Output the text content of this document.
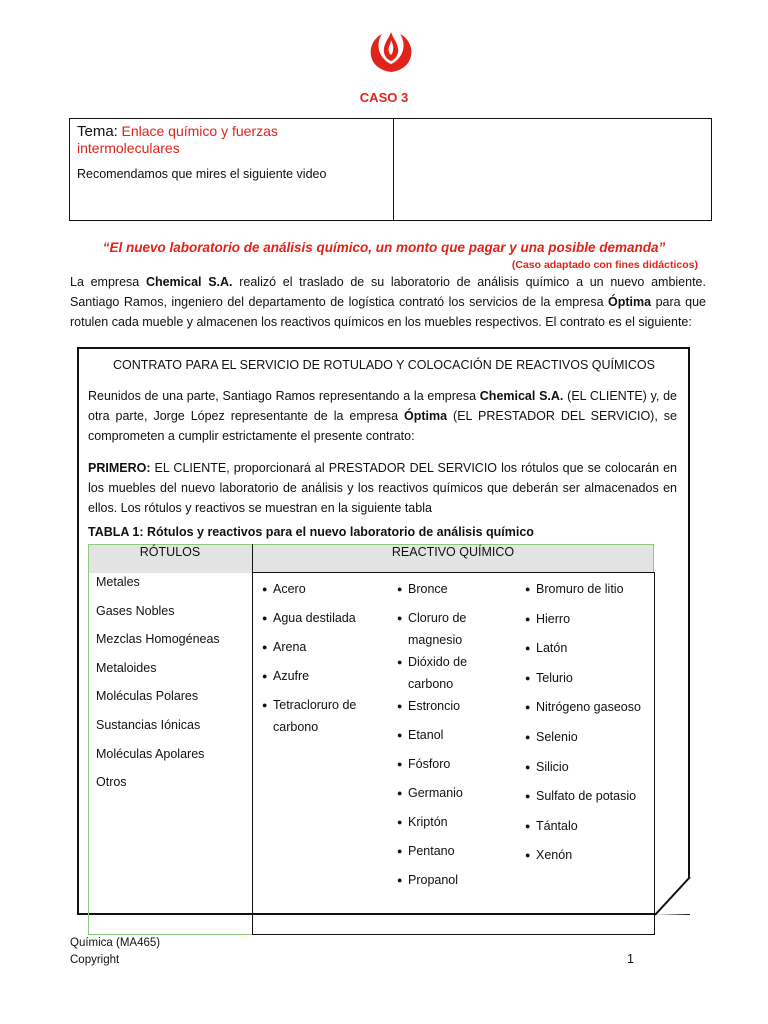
CASO 3
Tema: Enlace químico y fuerzas intermoleculares
Recomendamos que mires el siguiente video
“El nuevo laboratorio de análisis químico, un monto que pagar y una posible demanda”
(Caso adaptado con fines didácticos)
La empresa Chemical S.A. realizó el traslado de su laboratorio de análisis químico a un nuevo ambiente. Santiago Ramos, ingeniero del departamento de logística contrató los servicios de la empresa Óptima para que rotulen cada mueble y almacenen los reactivos químicos en los muebles respectivos. El contrato es el siguiente:
CONTRATO PARA EL SERVICIO DE ROTULADO Y COLOCACIÓN DE REACTIVOS QUÍMICOS
Reunidos de una parte, Santiago Ramos representando a la empresa Chemical S.A. (EL CLIENTE) y, de otra parte, Jorge López representante de la empresa Óptima (EL PRESTADOR DEL SERVICIO), se comprometen a cumplir estrictamente el presente contrato:
PRIMERO: EL CLIENTE, proporcionará al PRESTADOR DEL SERVICIO los rótulos que se colocarán en los muebles del nuevo laboratorio de análisis y los reactivos químicos que deberán ser almacenados en ellos. Los rótulos y reactivos se muestran en la siguiente tabla
TABLA 1: Rótulos y reactivos para el nuevo laboratorio de análisis químico
RÓTULOS	REACTIVO QUÍMICO
Metales
Gases Nobles
Mezclas Homogéneas
Metaloides
Moléculas Polares
Sustancias Iónicas
Moléculas Apolares
Otros
● Acero
● Agua destilada
● Arena
● Azufre
● Tetracloruro de carbono
● Bronce
● Cloruro de magnesio
● Dióxido de carbono
● Estroncio
● Etanol
● Fósforo
● Germanio
● Kriptón
● Pentano
● Propanol
● Bromuro de litio
● Hierro
● Latón
● Telurio
● Nitrógeno gaseoso
● Selenio
● Silicio
● Sulfato de potasio
● Tántalo
● Xenón
Química (MA465)
Copyright	1
